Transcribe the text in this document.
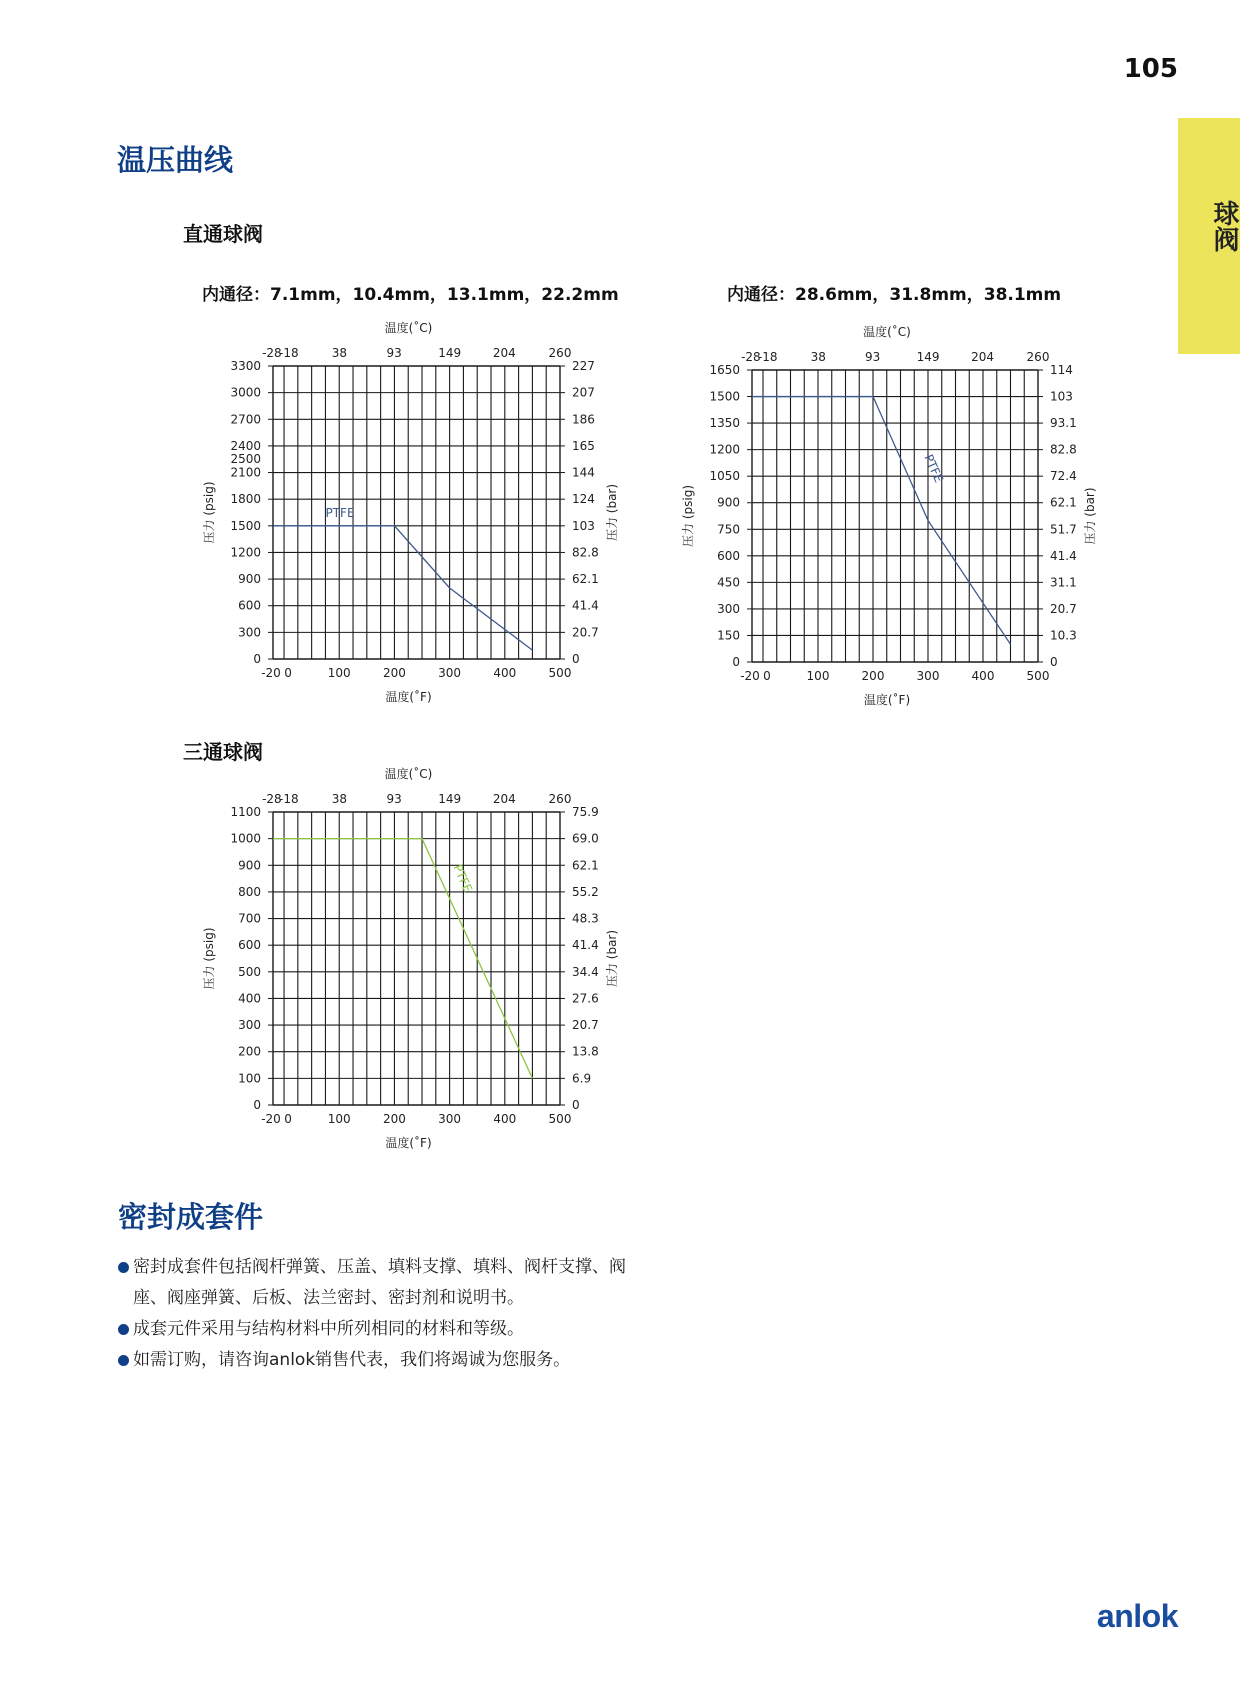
105
球阀
温压曲线
直通球阀
内通径：7.1mm，10.4mm，13.1mm，22.2mm	内通径：28.6mm，31.8mm，38.1mm
三通球阀
-20 0	100	200	300	400	500
-28
-18	38	93	149	204	260
0
300
600
900
1200
1500
1800
2100
2400
2500
2700
3000
3300
0
20.7
41.4
62.1
82.8
103
124
144
165
186
207
227
温度(˚C)
温度(˚F)
压力 (psig)	压力 (bar)
PTFE
-20 0	100	200	300	400	500
-28
-18	38	93	149	204	260
0
150
300
450
600
750
900
1050
1200
1350
1500
1650
0
10.3
20.7
31.1
41.4
51.7
62.1
72.4
82.8
93.1
103
114
温度(˚C)
温度(˚F)
压力 (psig)	压力 (bar)
PTFE
-20 0	100	200	300	400	500
-28
-18	38	93	149	204	260
0
100
200
300
400
500
600
700
800
900
1000
1100
0
6.9
13.8
20.7
27.6
34.4
41.4
48.3
55.2
62.1
69.0
75.9
温度(˚C)
温度(˚F)
压力 (psig)	压力 (bar)
PTFE
密封成套件
密封成套件包括阀杆弹簧、压盖、填料支撑、填料、阀杆支撑、阀座、阀座弹簧、后板、法兰密封、密封剂和说明书。
成套元件采用与结构材料中所列相同的材料和等级。
如需订购，请咨询anlok销售代表，我们将竭诚为您服务。
anlok
